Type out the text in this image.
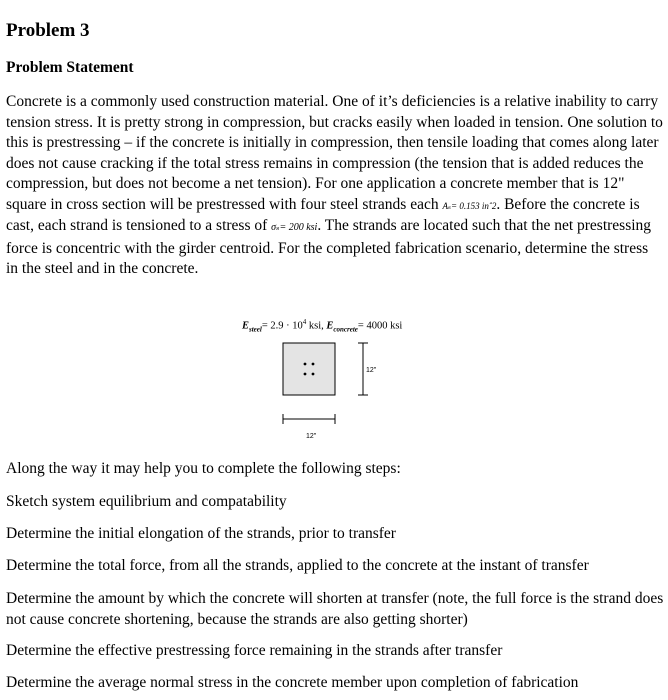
Problem 3
Problem Statement

Concrete is a commonly used construction material. One of it’s deficiencies is a relative inability to carry tension stress. It is pretty strong in compression, but cracks easily when loaded in tension. One solution to this is prestressing – if the concrete is initially in compression, then tensile loading that comes along later does not cause cracking if the total stress remains in compression (the tension that is added reduces the compression, but does not become a net tension). For one application a concrete member that is 12" square in cross section will be prestressed with four steel strands each Aₛ= 0.153 inˆ2. Before the concrete is cast, each strand is tensioned to a stress of σₛ= 200 ksi. The strands are located such that the net prestressing force is concentric with the girder centroid. For the completed fabrication scenario, determine the stress in the steel and in the concrete.

$E_{steel}= 2.9 \cdot 10^4$ ksi, $E_{concrete}= 4000$ ksi
12"
12"

Along the way it may help you to complete the following steps:

Sketch system equilibrium and compatability

Determine the initial elongation of the strands, prior to transfer

Determine the total force, from all the strands, applied to the concrete at the instant of transfer

Determine the amount by which the concrete will shorten at transfer (note, the full force is the strand does not cause concrete shortening, because the strands are also getting shorter)

Determine the effective prestressing force remaining in the strands after transfer

Determine the average normal stress in the concrete member upon completion of fabrication
